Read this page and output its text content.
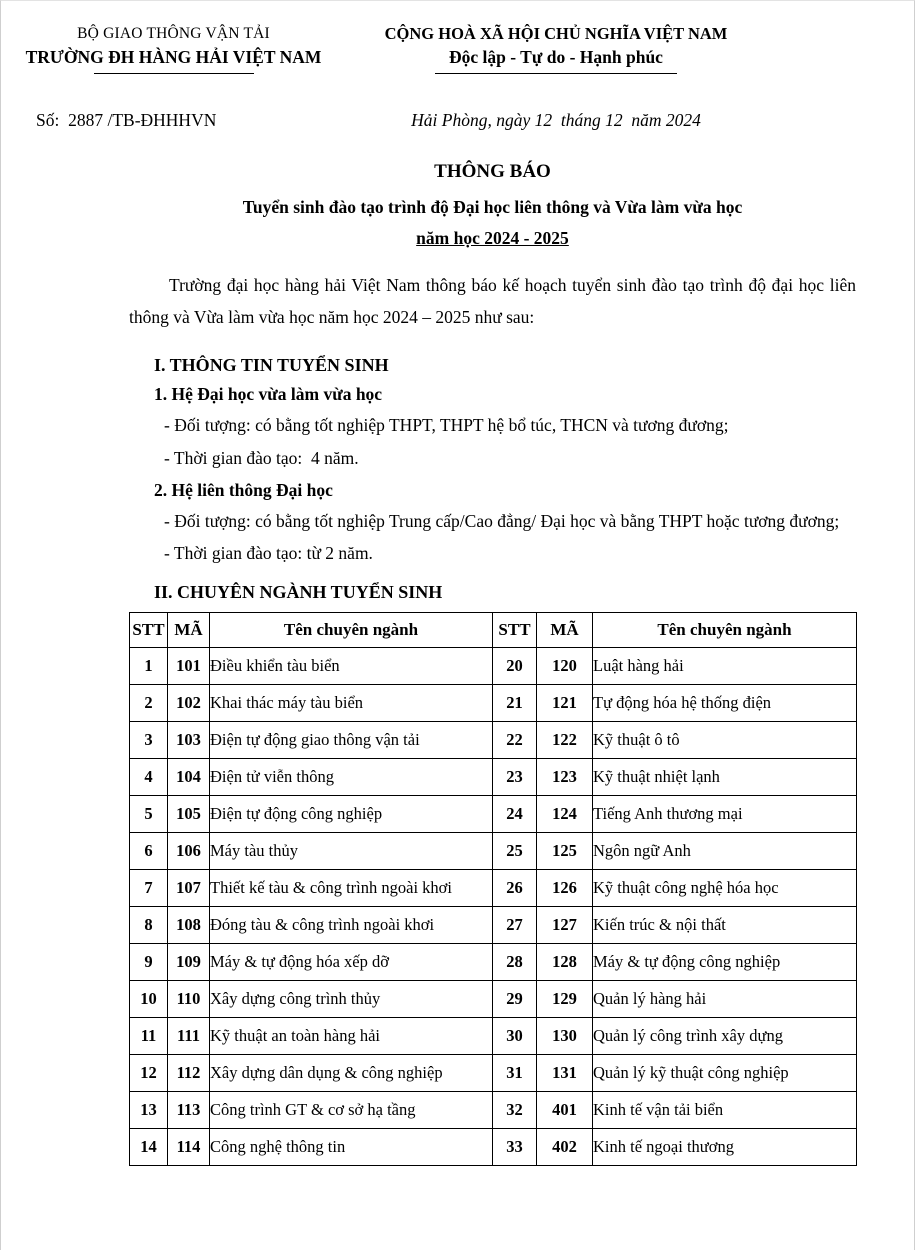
BỘ GIAO THÔNG VẬN TẢI
TRƯỜNG ĐH HÀNG HẢI VIỆT NAM
CỘNG HOÀ XÃ HỘI CHỦ NGHĨA VIỆT NAM
Độc lập - Tự do - Hạnh phúc
Số:  2887 /TB-ĐHHHVN	Hải Phòng, ngày 12  tháng 12  năm 2024
THÔNG BÁO
Tuyển sinh đào tạo trình độ Đại học liên thông và Vừa làm vừa học
năm học 2024 - 2025

Trường đại học hàng hải Việt Nam thông báo kế hoạch tuyển sinh đào tạo trình độ đại học liên thông và Vừa làm vừa học năm học 2024 – 2025 như sau:

I. THÔNG TIN TUYỂN SINH
1. Hệ Đại học vừa làm vừa học
- Đối tượng: có bằng tốt nghiệp THPT, THPT hệ bổ túc, THCN và tương đương;
- Thời gian đào tạo:  4 năm.
2. Hệ liên thông Đại học
- Đối tượng: có bằng tốt nghiệp Trung cấp/Cao đẳng/ Đại học và bằng THPT hoặc tương đương;
- Thời gian đào tạo: từ 2 năm.
II. CHUYÊN NGÀNH TUYỂN SINH
STT	MÃ	Tên chuyên ngành	STT	MÃ	Tên chuyên ngành
1	101	Điều khiển tàu biển	20	120	Luật hàng hải
2	102	Khai thác máy tàu biển	21	121	Tự động hóa hệ thống điện
3	103	Điện tự động giao thông vận tải	22	122	Kỹ thuật ô tô
4	104	Điện tử viễn thông	23	123	Kỹ thuật nhiệt lạnh
5	105	Điện tự động công nghiệp	24	124	Tiếng Anh thương mại
6	106	Máy tàu thủy	25	125	Ngôn ngữ Anh
7	107	Thiết kế tàu & công trình ngoài khơi	26	126	Kỹ thuật công nghệ hóa học
8	108	Đóng tàu & công trình ngoài khơi	27	127	Kiến trúc & nội thất
9	109	Máy & tự động hóa xếp dỡ	28	128	Máy & tự động công nghiệp
10	110	Xây dựng công trình thủy	29	129	Quản lý hàng hải
11	111	Kỹ thuật an toàn hàng hải	30	130	Quản lý công trình xây dựng
12	112	Xây dựng dân dụng & công nghiệp	31	131	Quản lý kỹ thuật công nghiệp
13	113	Công trình GT & cơ sở hạ tầng	32	401	Kinh tế vận tải biển
14	114	Công nghệ thông tin	33	402	Kinh tế ngoại thương
